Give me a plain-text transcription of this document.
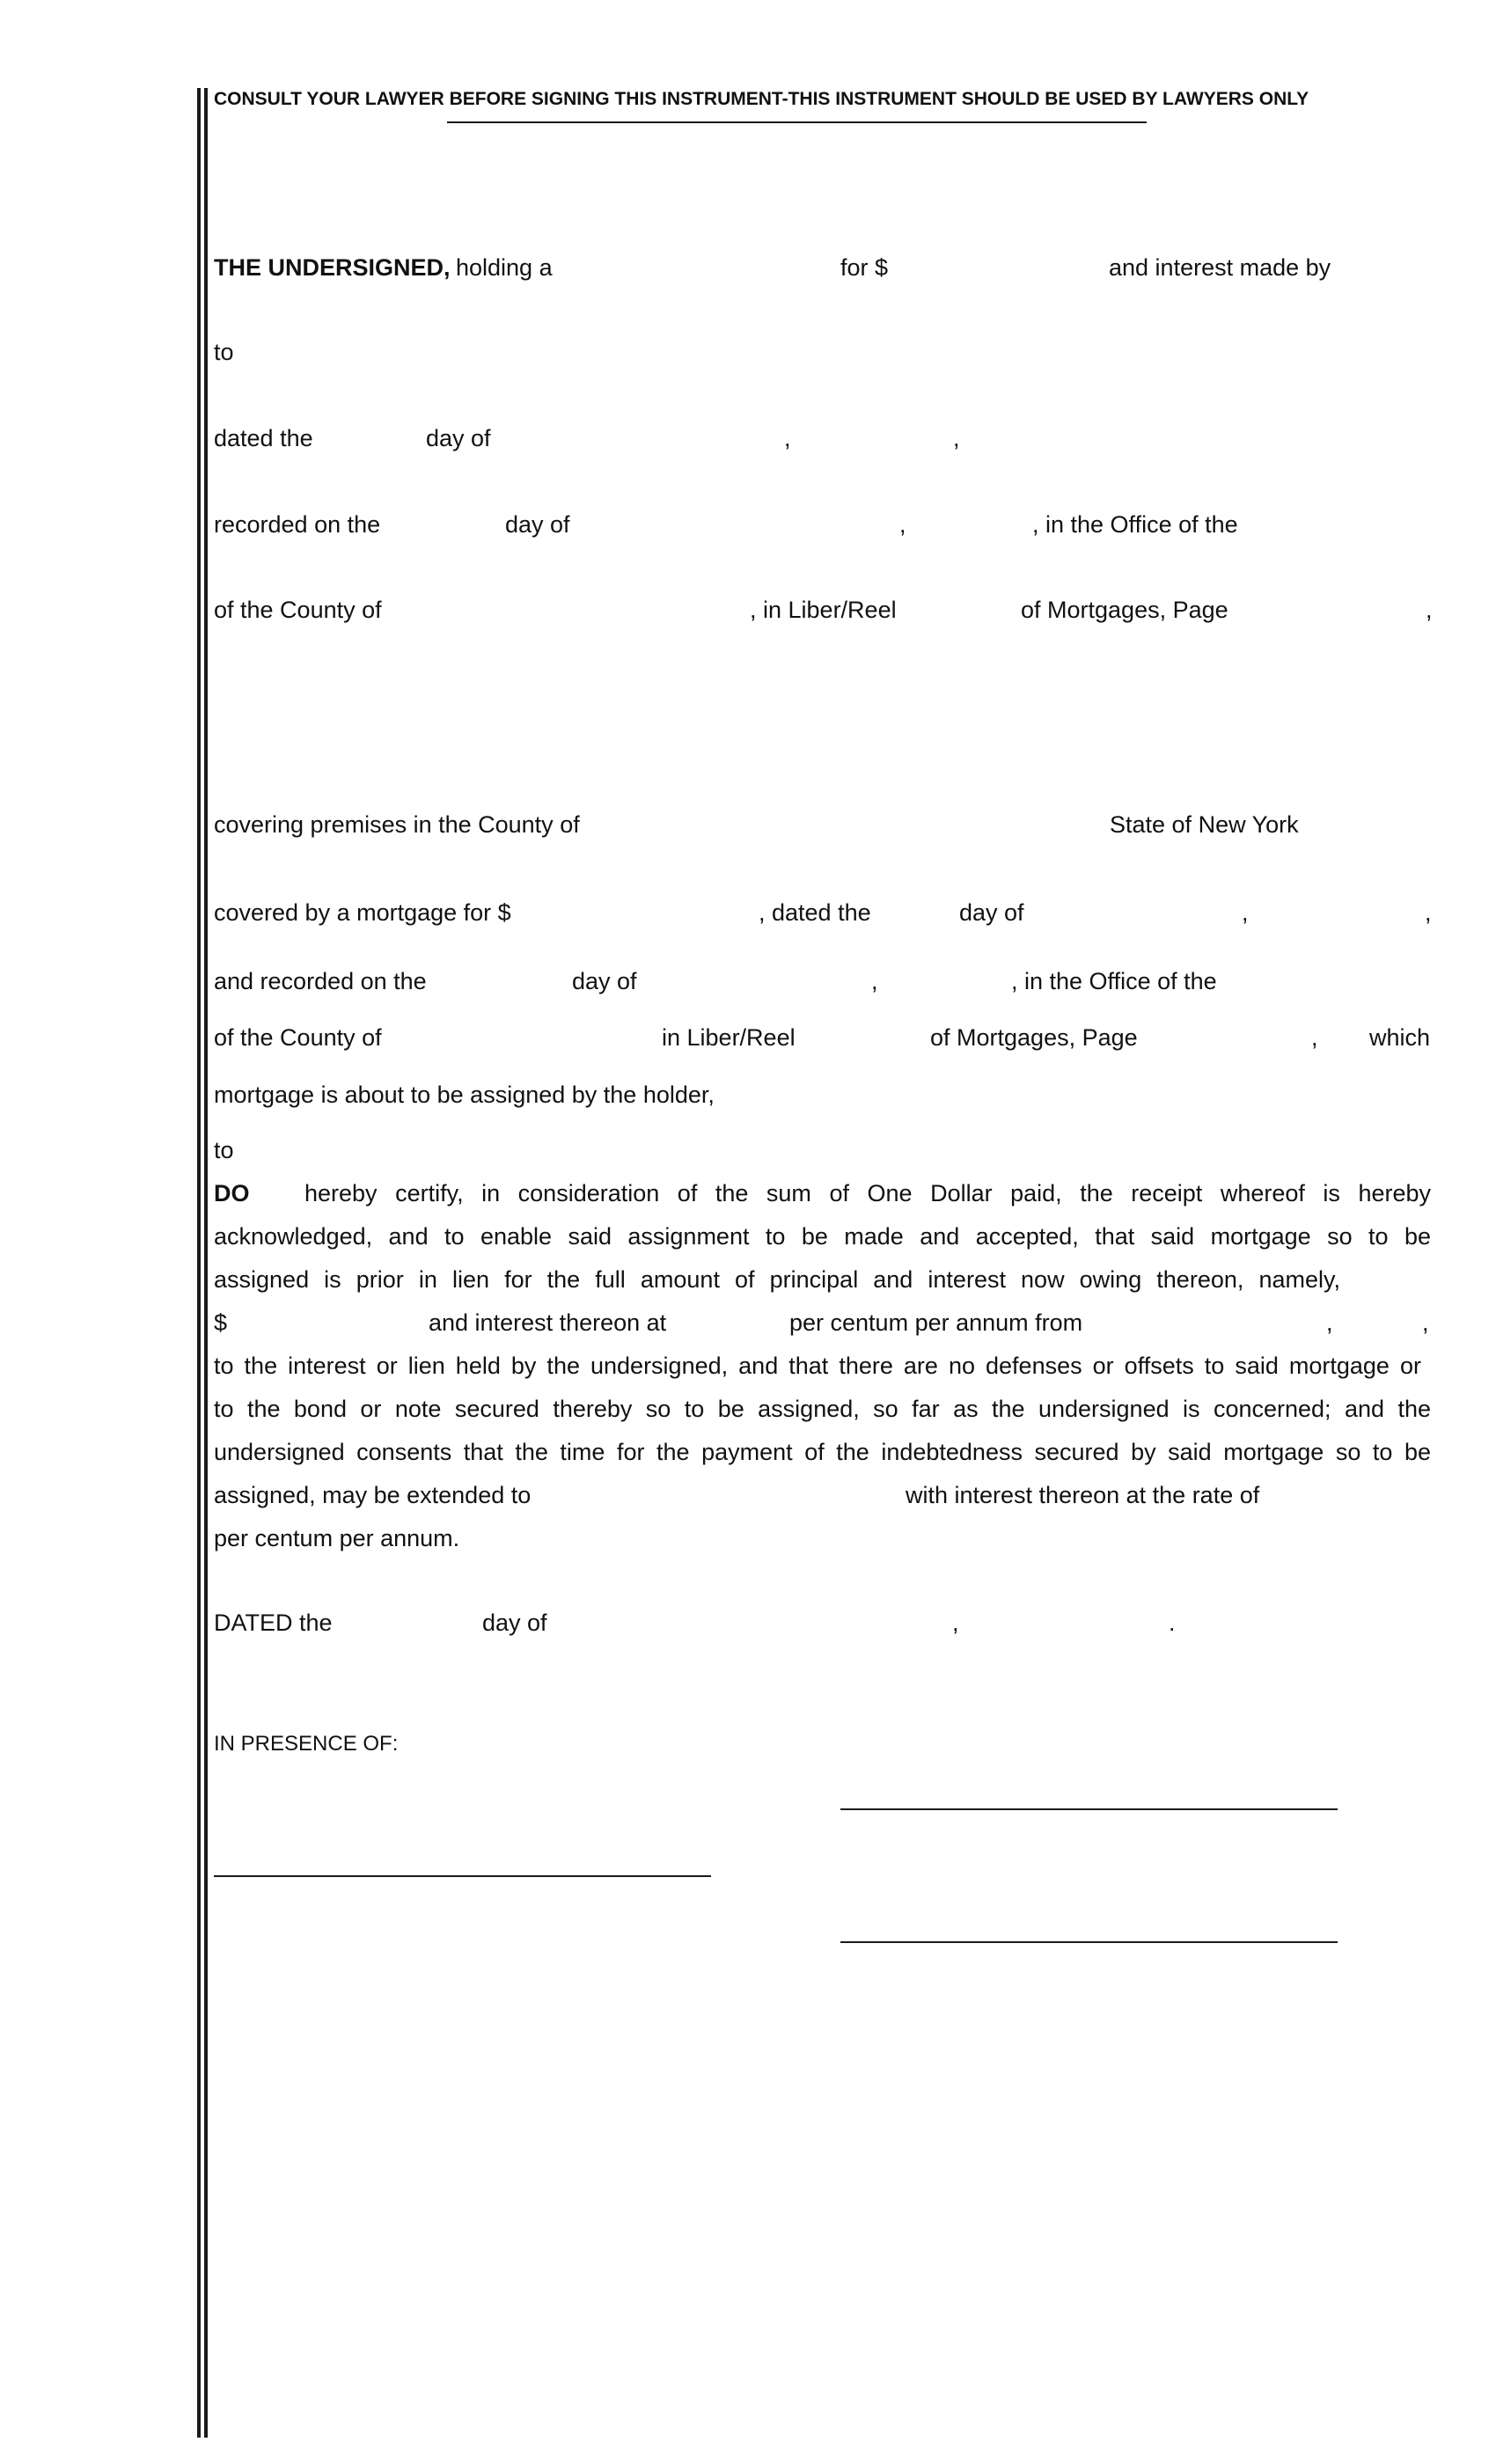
CONSULT YOUR LAWYER BEFORE SIGNING THIS INSTRUMENT-THIS INSTRUMENT SHOULD BE USED BY LAWYERS ONLY
THE UNDERSIGNED, holding a	for $	and interest made by
to
dated the	day of	,	,
recorded on the	day of	,	, in the Office of the
of the County of	, in Liber/Reel	of Mortgages, Page	,
covering premises in the County of	State of New York
covered by a mortgage for $	, dated the	day of	,	,
and recorded on the	day of	,	, in the Office of the
of the County of	in Liber/Reel	of Mortgages, Page	, which
mortgage is about to be assigned by the holder,
to
DO hereby certify, in consideration of the sum of One Dollar paid, the receipt whereof is hereby
acknowledged, and to enable said assignment to be made and accepted, that said mortgage so to be
assigned is prior in lien for the full amount of principal and interest now owing thereon, namely,
$	and interest thereon at	per centum per annum from	,	,
to the interest or lien held by the undersigned, and that there are no defenses or offsets to said mortgage or
to the bond or note secured thereby so to be assigned, so far as the undersigned is concerned; and the
undersigned consents that the time for the payment of the indebtedness secured by said mortgage so to be
assigned, may be extended to	with interest thereon at the rate of
per centum per annum.
DATED the	day of	,	.
IN PRESENCE OF:
